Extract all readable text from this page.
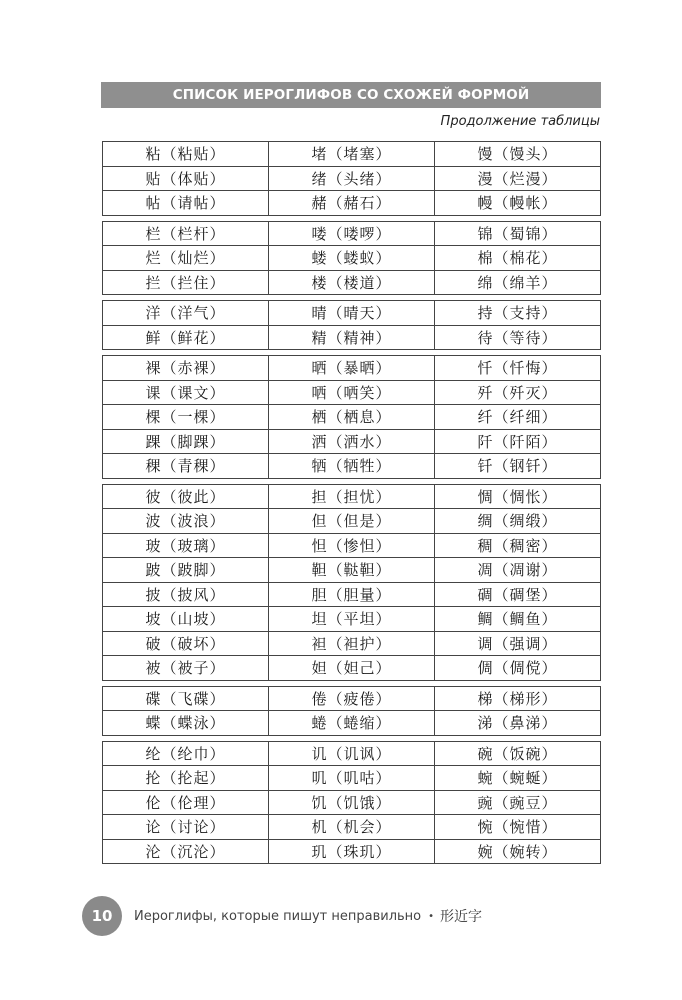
СПИСОК ИЕРОГЛИФОВ СО СХОЖЕЙ ФОРМОЙ
Продолжение таблицы
粘（粘贴）	堵（堵塞）	馒（馒头）
贴（体贴）	绪（头绪）	漫（烂漫）
帖（请帖）	赭（赭石）	幔（幔帐）
栏（栏杆）	喽（喽啰）	锦（蜀锦）
烂（灿烂）	蝼（蝼蚁）	棉（棉花）
拦（拦住）	楼（楼道）	绵（绵羊）
洋（洋气）	晴（晴天）	持（支持）
鲜（鲜花）	精（精神）	待（等待）
裸（赤裸）	晒（暴晒）	忏（忏悔）
课（课文）	哂（哂笑）	歼（歼灭）
棵（一棵）	栖（栖息）	纤（纤细）
踝（脚踝）	洒（洒水）	阡（阡陌）
稞（青稞）	牺（牺牲）	钎（钢钎）
彼（彼此）	担（担忧）	惆（惆怅）
波（波浪）	但（但是）	绸（绸缎）
玻（玻璃）	怛（惨怛）	稠（稠密）
跛（跛脚）	靼（鞑靼）	凋（凋谢）
披（披风）	胆（胆量）	碉（碉堡）
坡（山坡）	坦（平坦）	鲷（鲷鱼）
破（破坏）	袒（袒护）	调（强调）
被（被子）	妲（妲己）	倜（倜傥）
碟（飞碟）	倦（疲倦）	梯（梯形）
蝶（蝶泳）	蜷（蜷缩）	涕（鼻涕）
纶（纶巾）	讥（讥讽）	碗（饭碗）
抡（抡起）	叽（叽咕）	蜿（蜿蜒）
伦（伦理）	饥（饥饿）	豌（豌豆）
论（讨论）	机（机会）	惋（惋惜）
沦（沉沦）	玑（珠玑）	婉（婉转）
10 Иероглифы, которые пишут неправильно • 形近字
